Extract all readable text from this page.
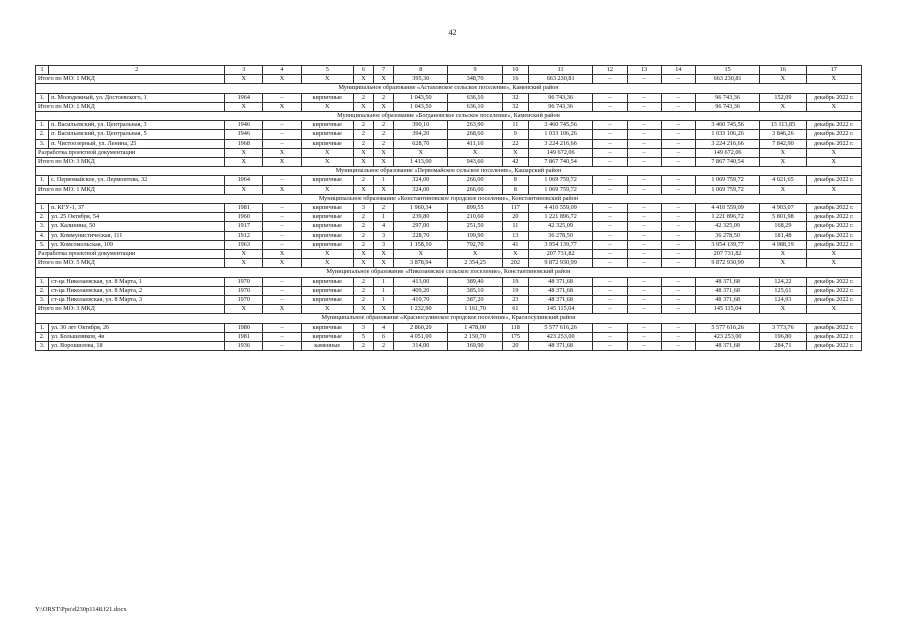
42
1	2	3	4	5	6	7	8	9	10	11	12	13	14	15	16	17
Итого по МО: 1 МКД		X	X	X	X	X	395,30	348,70	16	663 230,81	–	–	–	663 230,81	X	X
Муниципальное образование «Астаховское сельское поселение», Каменский район																
1.	п. Молодежный, ул. Достоевского, 1	1964	–	кирпичные	2	2	1 043,50	636,10	32	96 743,36	–	–	–	96 743,36	152,09	декабрь 2022 г.
Итого по МО: 1 МКД		X	X	X	X	X	1 043,50	636,10	32	96 743,36	–	–	–	96 743,36	X	X
Муниципальное образование «Богдановское сельское поселение», Каменский район																
1.	п. Васильевский, ул. Центральная, 3	1946	–	кирпичные	2	2	390,10	263,90	11	3 460 745,56	–	–	–	3 460 745,56	13 113,85	декабрь 2022 г.
2.	п. Васильевский, ул. Центральная, 5	1946	–	кирпичные	2	2	394,20	268,60	9	1 033 106,26	–	–	–	1 033 106,26	3 846,26	декабрь 2022 г.
3.	п. Чистоозерный, ул. Ленина, 25	1968	–	кирпичные	2	2	628,70	411,10	22	3 224 216,66	–	–	–	3 224 216,66	7 842,90	декабрь 2022 г.
Разработка проектной документации		X	X	X	X	X	X	X	X	149 672,06	–	–	–	149 672,06	X	X
Итого по МО: 3 МКД		X	X	X	X	X	1 413,00	943,60	42	7 867 740,54	–	–	–	7 867 740,54	X	X
Муниципальное образование «Первомайское сельское поселение», Кашарский район																
1.	с. Первомайское, ул. Лермонтова, 32	1964	–	кирпичные	2	1	324,00	266,00	8	1 069 759,72	–	–	–	1 069 759,72	4 021,65	декабрь 2022 г.
Итого по МО: 1 МКД		X	X	X	X	X	324,00	266,00	8	1 069 759,72	–	–	–	1 069 759,72	X	X
Муниципальное образование «Константиновское городское поселение», Константиновский район																
1.	п. КГУ-1, 37	1981	–	кирпичные	3	2	1 960,34	899,55	117	4 410 559,09	–	–	–	4 410 559,09	4 903,07	декабрь 2022 г.
2.	ул. 25 Октября, 54	1960	–	кирпичные	2	1	239,80	210,60	20	1 221 896,72	–	–	–	1 221 896,72	5 801,98	декабрь 2022 г.
3.	ул. Калинина, 50	1917	–	кирпичные	2	4	297,00	251,50	11	42 325,09	–	–	–	42 325,09	168,29	декабрь 2022 г.
4.	ул. Коммунистическая, 111	1912	–	кирпичные	2	3	228,70	199,90	13	36 278,50	–	–	–	36 278,50	181,48	декабрь 2022 г.
5.	ул. Комсомольская, 109	1963	–	кирпичные	2	3	1 158,10	792,70	41	3 954 139,77	–	–	–	3 954 139,77	4 988,19	декабрь 2022 г.
Разработка проектной документации		X	X	X	X	X	X	X	X	207 731,82	–	–	–	207 731,82	X	X
Итого по МО: 5 МКД		X	X	X	X	X	3 878,94	2 354,25	202	9 872 930,99	–	–	–	9 872 930,99	X	X
Муниципальное образование «Николаевское сельское поселение», Константиновский район																
1.	ст-ца Николаевская, ул. 8 Марта, 1	1970	–	кирпичные	2	1	413,00	389,40	19	48 371,68	–	–	–	48 371,68	124,22	декабрь 2022 г.
2.	ст-ца Николаевская, ул. 8 Марта, 2	1970	–	кирпичные	2	1	409,20	385,10	19	48 371,68	–	–	–	48 371,68	125,61	декабрь 2022 г.
3.	ст-ца Николаевская, ул. 8 Марта, 3	1970	–	кирпичные	2	1	410,70	387,20	23	48 371,68	–	–	–	48 371,68	124,93	декабрь 2022 г.
Итого по МО: 3 МКД		X	X	X	X	X	1 232,90	1 161,70	61	145 115,04	–	–	–	145 115,04	X	X
Муниципальное образование «Красносулинское городское поселение», Красносулинский район																
1.	ул. 30 лет Октября, 26	1980	–	кирпичные	3	4	2 860,20	1 478,00	118	5 577 616,26	–	–	–	5 577 616,26	3 773,76	декабрь 2022 г.
2.	ул. Большевиков, 4в	1981	–	кирпичные	5	6	4 051,00	2 150,70	175	423 253,00	–	–	–	423 253,00	196,80	декабрь 2022 г.
3.	ул. Ворошилова, 18	1936	–	каменные	2	2	314,00	169,90	20	48 371,68	–	–	–	48 371,68	284,71	декабрь 2022 г.
Y:\ORST\Ppo\d230p1148.f21.docx
